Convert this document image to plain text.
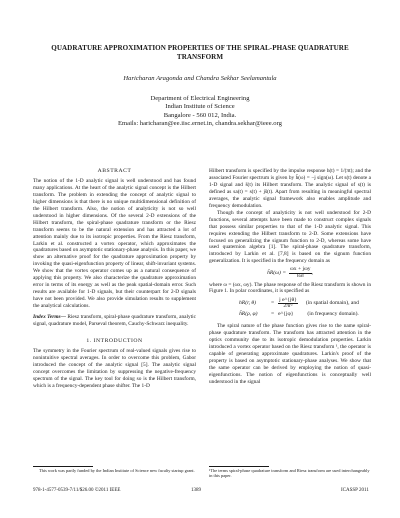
QUADRATURE APPROXIMATION PROPERTIES OF THE SPIRAL-PHASE QUADRATURE
TRANSFORM
Haricharan Aragonda and Chandra Sekhar Seelamantula
Department of Electrical Engineering
Indian Institute of Science
Bangalore - 560 012, India.
Emails: haricharan@ee.iisc.ernet.in, chandra.sekhar@ieee.org
ABSTRACT

The notion of the 1-D analytic signal is well understood and has found many applications. At the heart of the analytic signal concept is the Hilbert transform. The problem in extending the concept of analytic signal to higher dimensions is that there is no unique multidimensional definition of the Hilbert transform. Also, the notion of analyticity is not so well understood in higher dimensions. Of the several 2-D extensions of the Hilbert transform, the spiral-phase quadrature transform or the Riesz transform seems to be the natural extension and has attracted a lot of attention mainly due to its isotropic properties. From the Riesz transform, Larkin et al. constructed a vortex operator, which approximates the quadratures based on asymptotic stationary-phase analysis. In this paper, we show an alternative proof for the quadrature approximation property by invoking the quasi-eigenfunction property of linear, shift-invariant systems. We show that the vortex operator comes up as a natural consequence of applying this property. We also characterize the quadrature approximation error in terms of its energy as well as the peak spatial-domain error. Such results are available for 1-D signals, but their counterpart for 2-D signals have not been provided. We also provide simulation results to supplement the analytical calculations.

Index Terms— Riesz transform, spiral-phase quadrature transform, analytic signal, quadrature model, Parseval theorem, Cauchy-Schwarz inequality.

1. INTRODUCTION

The symmetry in the Fourier spectrum of real-valued signals gives rise to nonintuitive spectral averages. In order to overcome this problem, Gabor introduced the concept of the analytic signal [5]. The analytic signal concept overcomes the limitation by suppressing the negative-frequency spectrum of the signal. The key tool for doing so is the Hilbert transform, which is a frequency-dependent phase shifter. The 1-D

Hilbert transform is specified by the impulse response h(t) = 1/(πt); and the associated Fourier spectrum is given by ĥ(ω) = −j sign(ω). Let s(t) denote a 1-D signal and š(t) its Hilbert transform. The analytic signal of s(t) is defined as sa(t) = s(t) + jš(t). Apart from resulting in meaningful spectral averages, the analytic signal framework also enables amplitude and frequency demodulation.

Though the concept of analyticity is not well understood for 2-D functions, several attempts have been made to construct complex signals that possess similar properties to that of the 1-D analytic signal. This requires extending the Hilbert transform to 2-D. Some extensions have focused on generalizing the signum function to 2-D, whereas some have used quaternion algebra [1]. The spiral-phase quadrature transform, introduced by Larkin et al. [7,8] is based on the signum function generalization. It is specified in the frequency domain as

ĥR(ω) = $\frac{\text{ωx + jωy}}{‖\omega‖}$ ,

where ω = (ωx, ωy). The phase response of the Riesz transform is shown in Figure 1. In polar coordinates, it is specified as

hR(r, θ)	= $\frac{\text{j e\textasciicircum{}\{jθ\}}}{\text{2πr²}} (in$ spatial domain), and
ĥR(ρ, φ)	= e^{jφ}	(in frequency domain).

The spiral nature of the phase function gives rise to the name spiral-phase quadrature transform. The transform has attracted attention in the optics community due to its isotropic demodulation properties. Larkin introduced a vortex operator based on the Riesz transform ¹, the operator is capable of generating approximate quadratures. Larkin's proof of the property is based on asymptotic stationary-phase analyses. We show that the same operator can be derived by employing the notion of quasi-eigenfunctions. The notion of eigenfunctions is conceptually well understood in the signal

This work was partly funded by the Indian Institute of Science new faculty startup grant.	¹The terms spiral-phase quadrature transform and Riesz transform are used interchangeably in this paper.
978-1-4577-0539-7/11/$26.00 ©2011 IEEE	1389	ICASSP 2011
